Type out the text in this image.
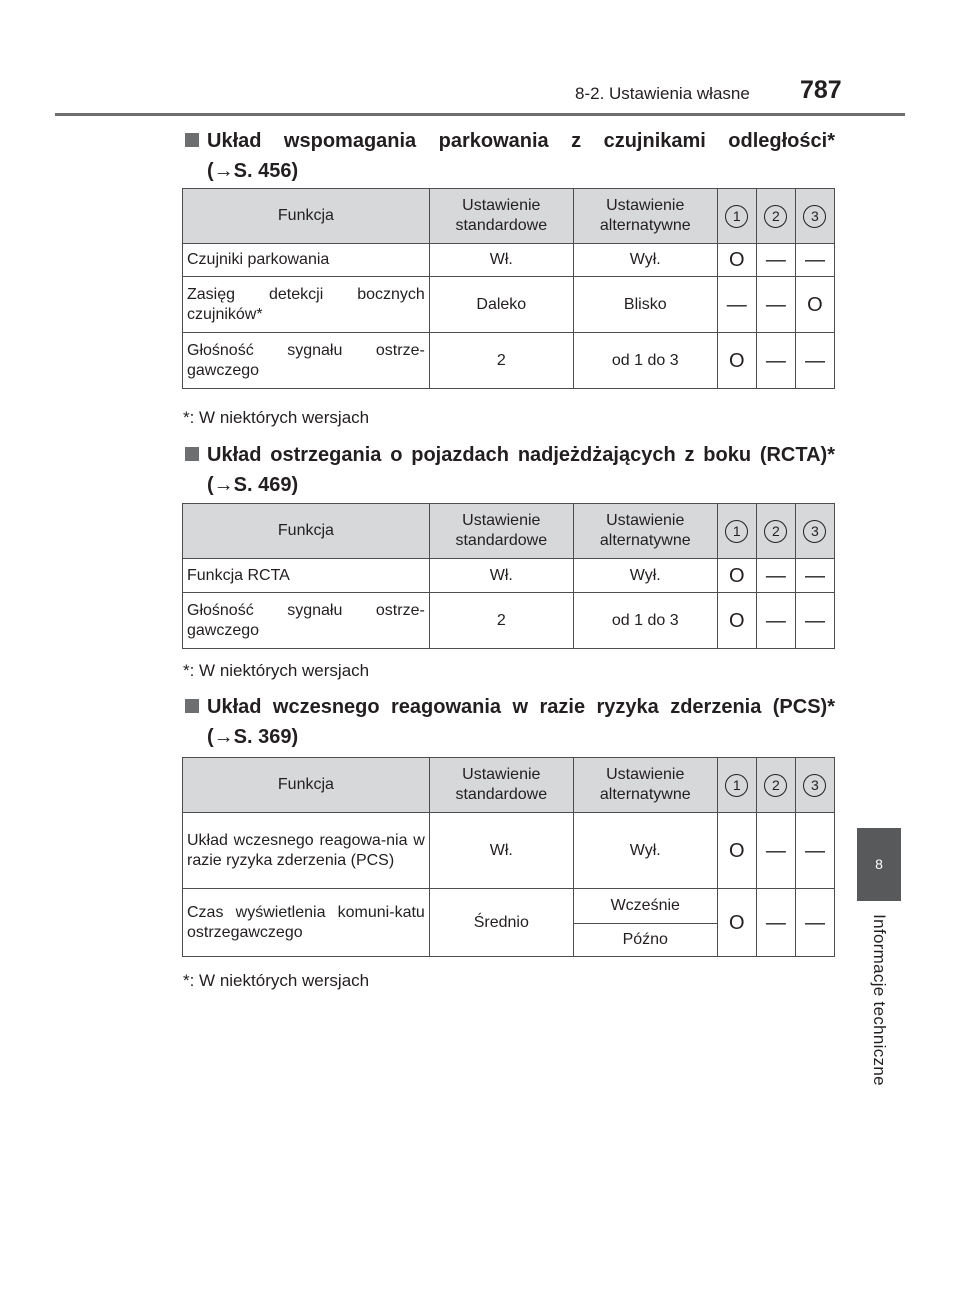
8-2. Ustawienia własne 787
8
Informacje techniczne
Układ wspomagania parkowania z czujnikami odległości*
(→S. 456)
Funkcja	Ustawienie standardowe	Ustawienie alternatywne	1	2	3
Czujniki parkowania	Wł.	Wył.	O	—	—
Zasięg detekcji bocznych czujników*	Daleko	Blisko	—	—	O
Głośność sygnału ostrze-gawczego	2	od 1 do 3	O	—	—
*: W niektórych wersjach
Układ ostrzegania o pojazdach nadjeżdżających z boku (RCTA)*
(→S. 469)
Funkcja	Ustawienie standardowe	Ustawienie alternatywne	1	2	3
Funkcja RCTA	Wł.	Wył.	O	—	—
Głośność sygnału ostrze-gawczego	2	od 1 do 3	O	—	—
*: W niektórych wersjach
Układ wczesnego reagowania w razie ryzyka zderzenia (PCS)*
(→S. 369)
Funkcja	Ustawienie standardowe	Ustawienie alternatywne	1	2	3
Układ wczesnego reagowa-nia w razie ryzyka zderzenia (PCS)	Wł.	Wył.	O	—	—
Czas wyświetlenia komuni-katu ostrzegawczego	Średnio	Wcześnie	O	—	—
		Późno			
*: W niektórych wersjach
